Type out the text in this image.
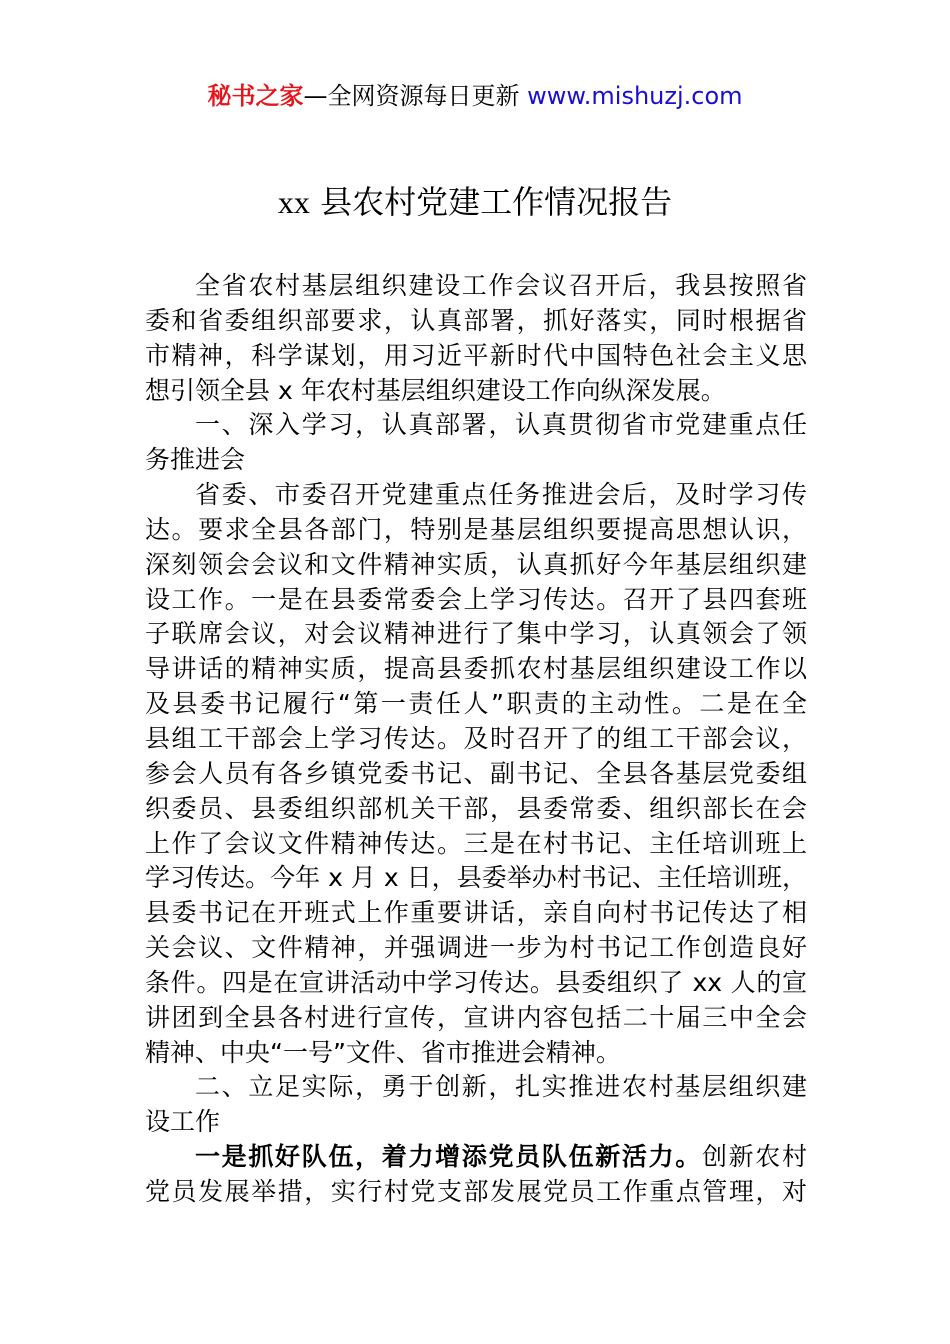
秘书之家—全网资源每日更新 www.mishuzj.com
xx 县农村党建工作情况报告
全省农村基层组织建设工作会议召开后，我县按照省
委和省委组织部要求，认真部署，抓好落实，同时根据省
市精神，科学谋划，用习近平新时代中国特色社会主义思
想引领全县 x 年农村基层组织建设工作向纵深发展。
一、深入学习，认真部署，认真贯彻省市党建重点任
务推进会
省委、市委召开党建重点任务推进会后，及时学习传
达。要求全县各部门，特别是基层组织要提高思想认识，
深刻领会会议和文件精神实质，认真抓好今年基层组织建
设工作。一是在县委常委会上学习传达。召开了县四套班
子联席会议，对会议精神进行了集中学习，认真领会了领
导讲话的精神实质，提高县委抓农村基层组织建设工作以
及县委书记履行“第一责任人”职责的主动性。二是在全
县组工干部会上学习传达。及时召开了的组工干部会议，
参会人员有各乡镇党委书记、副书记、全县各基层党委组
织委员、县委组织部机关干部，县委常委、组织部长在会
上作了会议文件精神传达。三是在村书记、主任培训班上
学习传达。今年 x 月 x 日，县委举办村书记、主任培训班，
县委书记在开班式上作重要讲话，亲自向村书记传达了相
关会议、文件精神，并强调进一步为村书记工作创造良好
条件。四是在宣讲活动中学习传达。县委组织了 xx 人的宣
讲团到全县各村进行宣传，宣讲内容包括二十届三中全会
精神、中央“一号”文件、省市推进会精神。
二、立足实际，勇于创新，扎实推进农村基层组织建
设工作
一是抓好队伍，着力增添党员队伍新活力。创新农村
党员发展举措，实行村党支部发展党员工作重点管理，对
